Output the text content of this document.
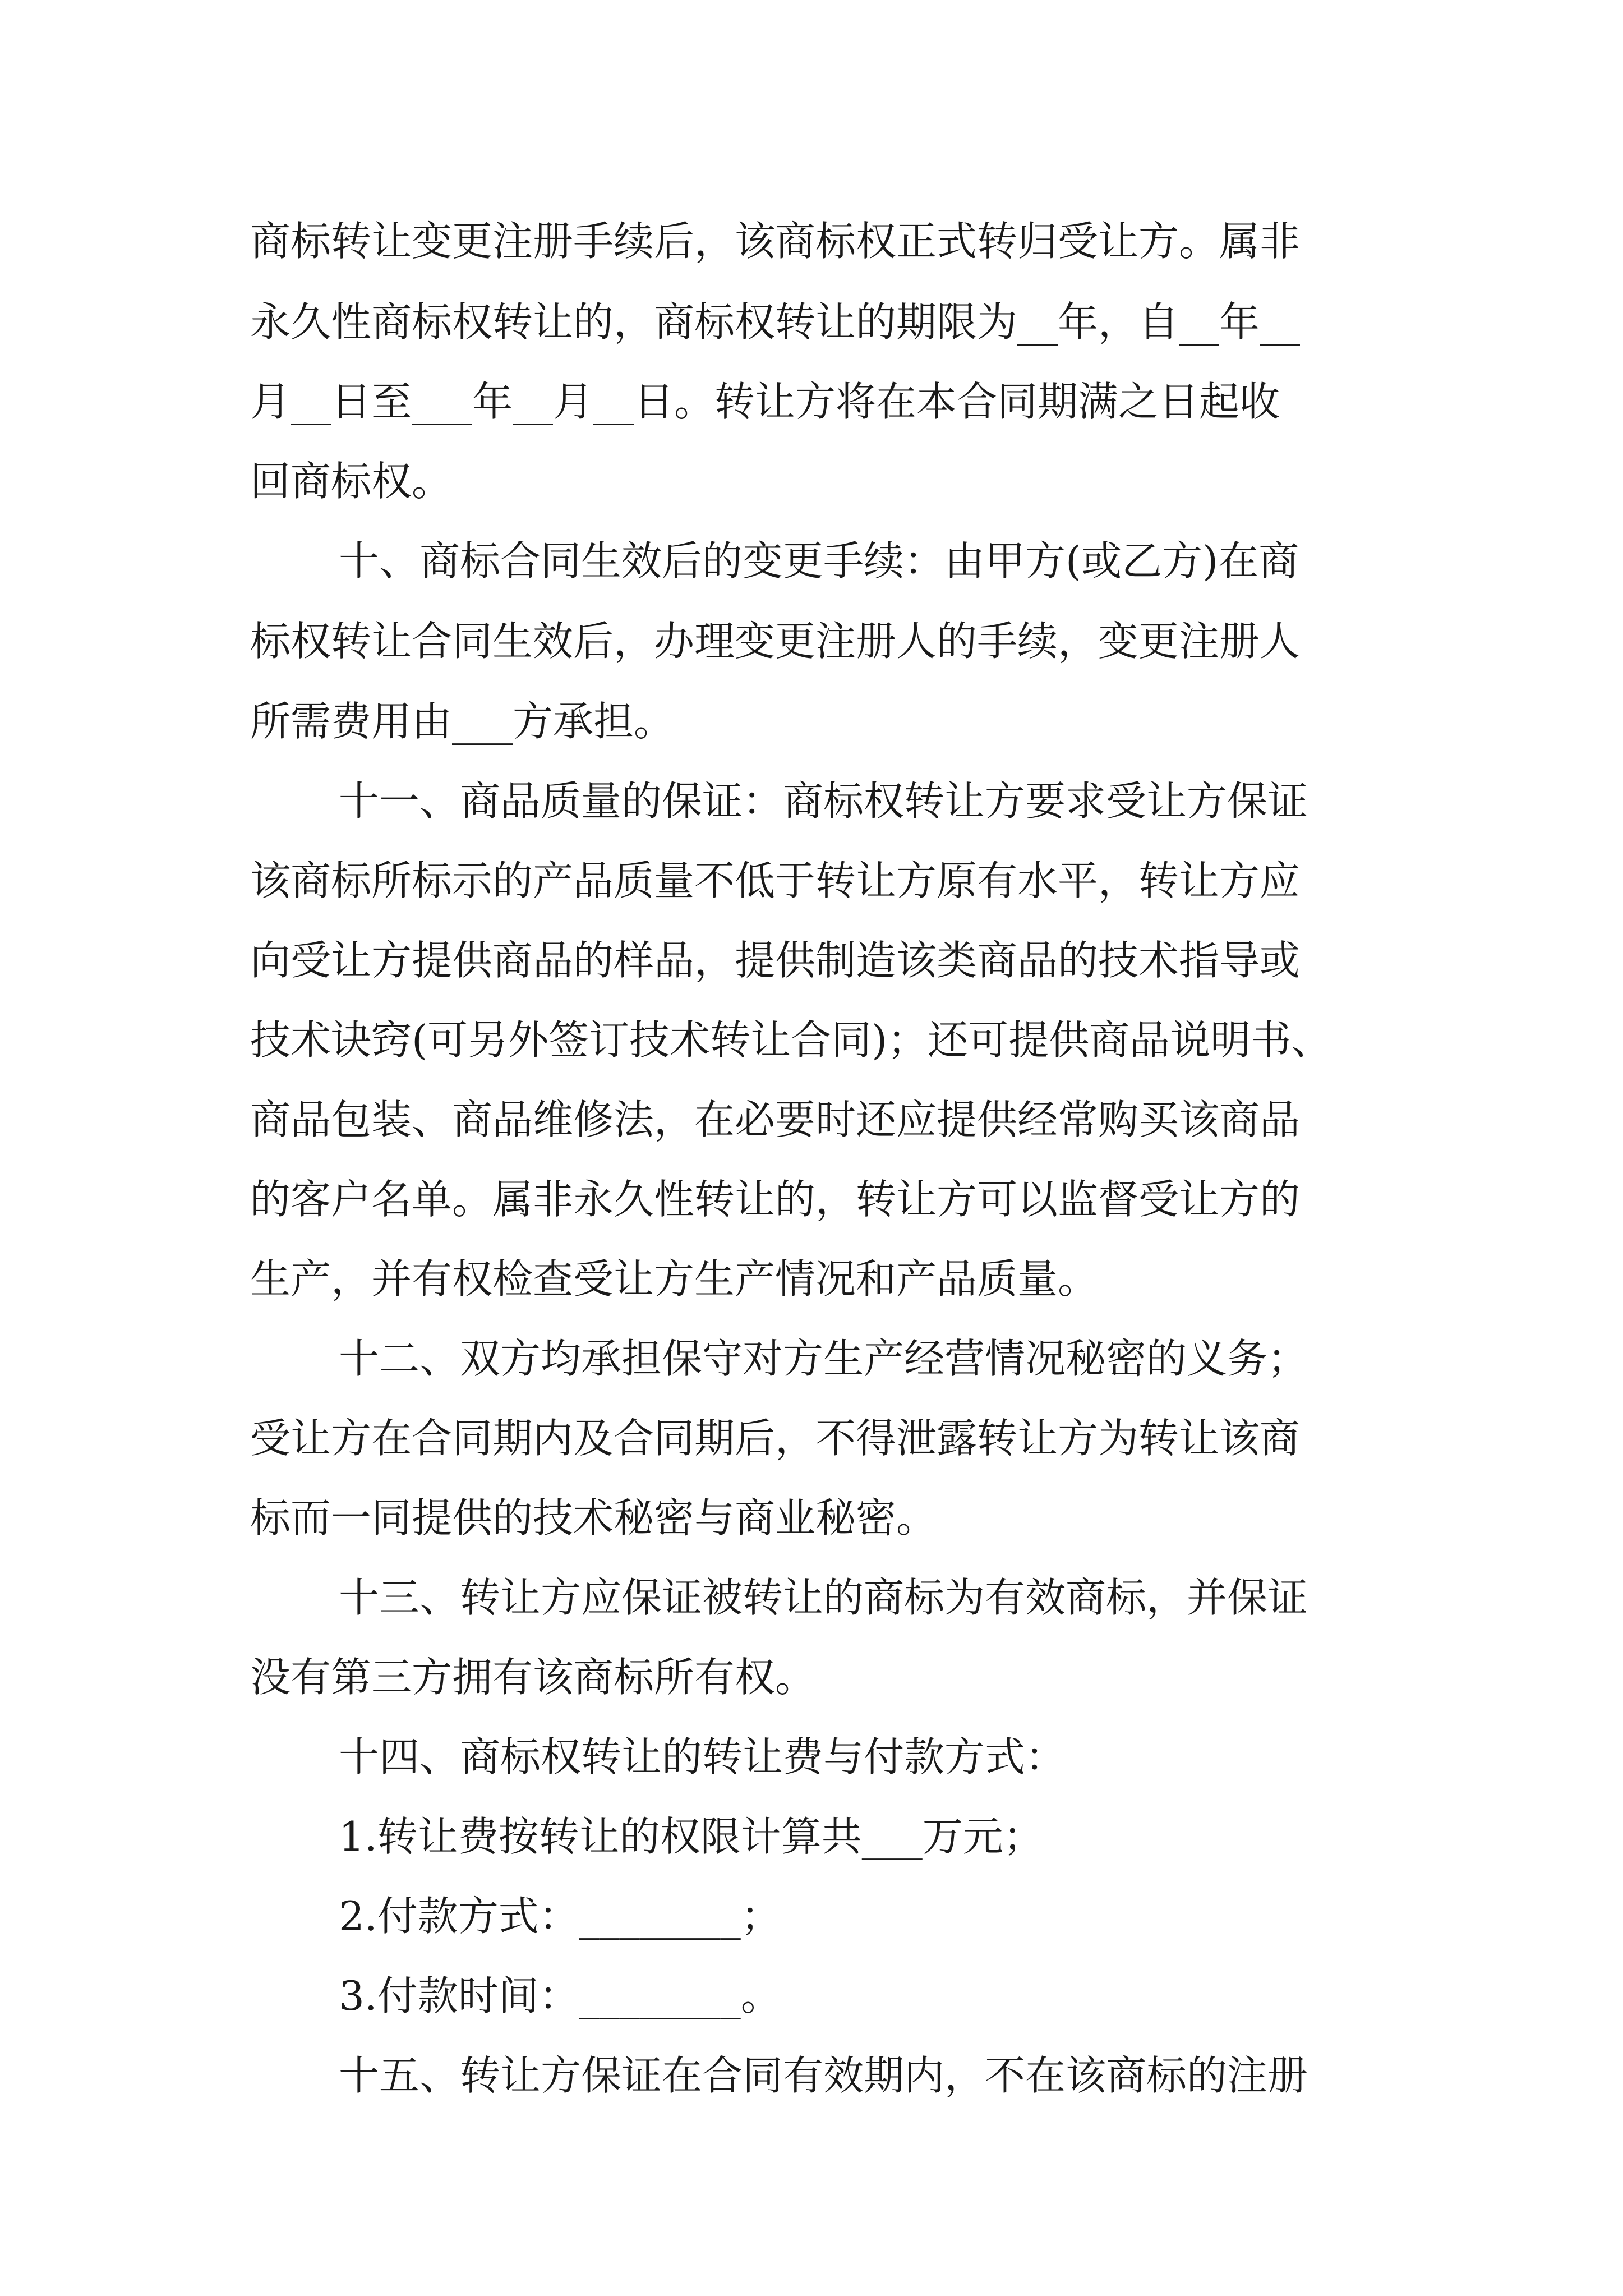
商标转让变更注册手续后，该商标权正式转归受让方。属非
永久性商标权转让的，商标权转让的期限为__年，自__年__
月__日至___年__月__日。转让方将在本合同期满之日起收
回商标权。
十、商标合同生效后的变更手续：由甲方(或乙方)在商
标权转让合同生效后，办理变更注册人的手续，变更注册人
所需费用由___方承担。
十一、商品质量的保证：商标权转让方要求受让方保证
该商标所标示的产品质量不低于转让方原有水平，转让方应
向受让方提供商品的样品，提供制造该类商品的技术指导或
技术诀窍(可另外签订技术转让合同)；还可提供商品说明书、
商品包装、商品维修法，在必要时还应提供经常购买该商品
的客户名单。属非永久性转让的，转让方可以监督受让方的
生产，并有权检查受让方生产情况和产品质量。
十二、双方均承担保守对方生产经营情况秘密的义务；
受让方在合同期内及合同期后，不得泄露转让方为转让该商
标而一同提供的技术秘密与商业秘密。
十三、转让方应保证被转让的商标为有效商标，并保证
没有第三方拥有该商标所有权。
十四、商标权转让的转让费与付款方式：
1.转让费按转让的权限计算共___万元；
2.付款方式：________；
3.付款时间：________。
十五、转让方保证在合同有效期内，不在该商标的注册
